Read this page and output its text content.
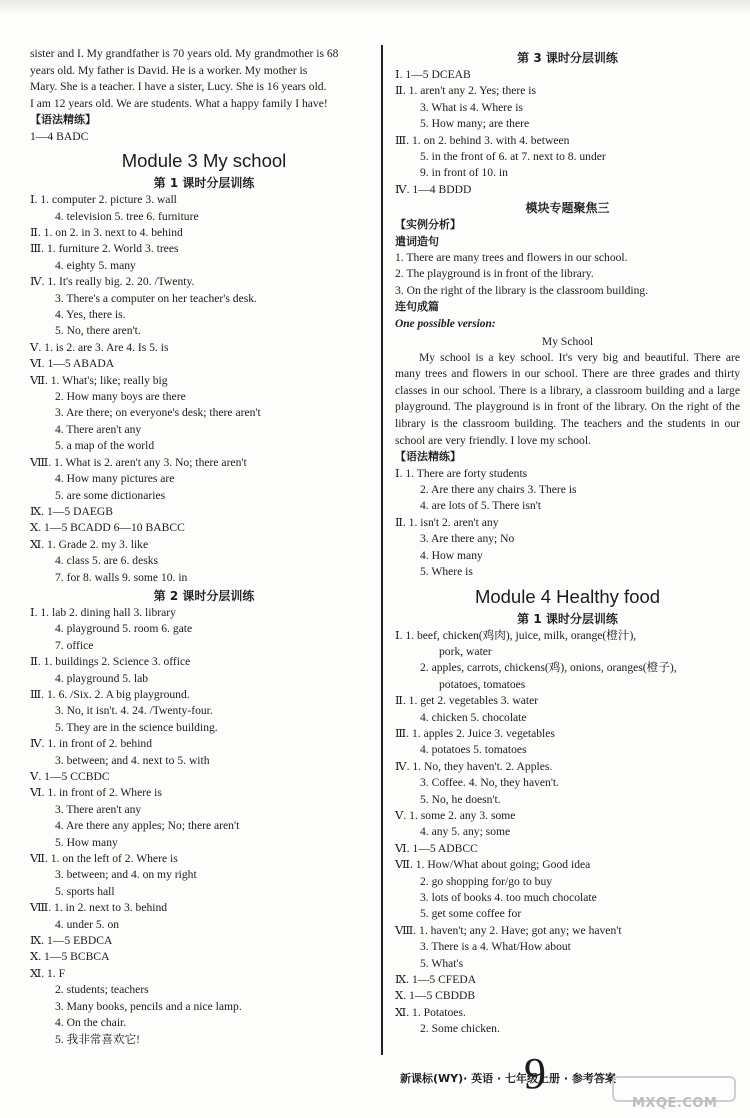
sister and I. My grandfather is 70 years old. My grandmother is 68
years old. My father is David. He is a worker. My mother is
Mary. She is a teacher. I have a sister, Lucy. She is 16 years old.
I am 12 years old. We are students. What a happy family I have!

【语法精练】

1—4 BADC

Module 3 My school

第 1 课时分层训练

Ⅰ. 1. computer 2. picture 3. wall

4. television 5. tree 6. furniture

Ⅱ. 1. on 2. in 3. next to 4. behind

Ⅲ. 1. furniture 2. World 3. trees

4. eighty 5. many

Ⅳ. 1. It's really big. 2. 20. /Twenty.

3. There's a computer on her teacher's desk.

4. Yes, there is.

5. No, there aren't.

Ⅴ. 1. is 2. are 3. Are 4. Is 5. is

Ⅵ. 1—5 ABADA

Ⅶ. 1. What's; like; really big

2. How many boys are there

3. Are there; on everyone's desk; there aren't

4. There aren't any

5. a map of the world

Ⅷ. 1. What is 2. aren't any 3. No; there aren't

4. How many pictures are

5. are some dictionaries

Ⅸ. 1—5 DAEGB

Ⅹ. 1—5 BCADD 6—10 BABCC

Ⅺ. 1. Grade 2. my 3. like

4. class 5. are 6. desks

7. for 8. walls 9. some 10. in

第 2 课时分层训练

Ⅰ. 1. lab 2. dining hall 3. library

4. playground 5. room 6. gate

7. office

Ⅱ. 1. buildings 2. Science 3. office

4. playground 5. lab

Ⅲ. 1. 6. /Six. 2. A big playground.

3. No, it isn't. 4. 24. /Twenty-four.

5. They are in the science building.

Ⅳ. 1. in front of 2. behind

3. between; and 4. next to 5. with

Ⅴ. 1—5 CCBDC

Ⅵ. 1. in front of 2. Where is

3. There aren't any

4. Are there any apples; No; there aren't

5. How many

Ⅶ. 1. on the left of 2. Where is

3. between; and 4. on my right

5. sports hall

Ⅷ. 1. in 2. next to 3. behind

4. under 5. on

Ⅸ. 1—5 EBDCA

Ⅹ. 1—5 BCBCA

Ⅺ. 1. F

2. students; teachers

3. Many books, pencils and a nice lamp.

4. On the chair.

5. 我非常喜欢它!

第 3 课时分层训练

Ⅰ. 1—5 DCEAB

Ⅱ. 1. aren't any 2. Yes; there is

3. What is 4. Where is

5. How many; are there

Ⅲ. 1. on 2. behind 3. with 4. between

5. in the front of 6. at 7. next to 8. under

9. in front of 10. in

Ⅳ. 1—4 BDDD

模块专题聚焦三

【实例分析】

遣词造句

1. There are many trees and flowers in our school.

2. The playground is in front of the library.

3. On the right of the library is the classroom building.

连句成篇

One possible version:

My School

My school is a key school. It's very big and beautiful. There are many trees and flowers in our school. There are three grades and thirty classes in our school. There is a library, a classroom building and a large playground. The playground is in front of the library. On the right of the library is the classroom building. The teachers and the students in our school are very friendly. I love my school.

【语法精练】

Ⅰ. 1. There are forty students

2. Are there any chairs 3. There is

4. are lots of 5. There isn't

Ⅱ. 1. isn't 2. aren't any

3. Are there any; No

4. How many

5. Where is

Module 4 Healthy food

第 1 课时分层训练

Ⅰ. 1. beef, chicken(鸡肉), juice, milk, orange(橙汁),

pork, water

2. apples, carrots, chickens(鸡), onions, oranges(橙子),

potatoes, tomatoes

Ⅱ. 1. get 2. vegetables 3. water

4. chicken 5. chocolate

Ⅲ. 1. apples 2. Juice 3. vegetables

4. potatoes 5. tomatoes

Ⅳ. 1. No, they haven't. 2. Apples.

3. Coffee. 4. No, they haven't.

5. No, he doesn't.

Ⅴ. 1. some 2. any 3. some

4. any 5. any; some

Ⅵ. 1—5 ADBCC

Ⅶ. 1. How/What about going; Good idea

2. go shopping for/go to buy

3. lots of books 4. too much chocolate

5. get some coffee for

Ⅷ. 1. haven't; any 2. Have; got any; we haven't

3. There is a 4. What/How about

5. What's

Ⅸ. 1—5 CFEDA

Ⅹ. 1—5 CBDDB

Ⅺ. 1. Potatoes.

2. Some chicken.

9
新课标(WY)· 英语 · 七年级上册 · 参考答案
MXQE.COM
